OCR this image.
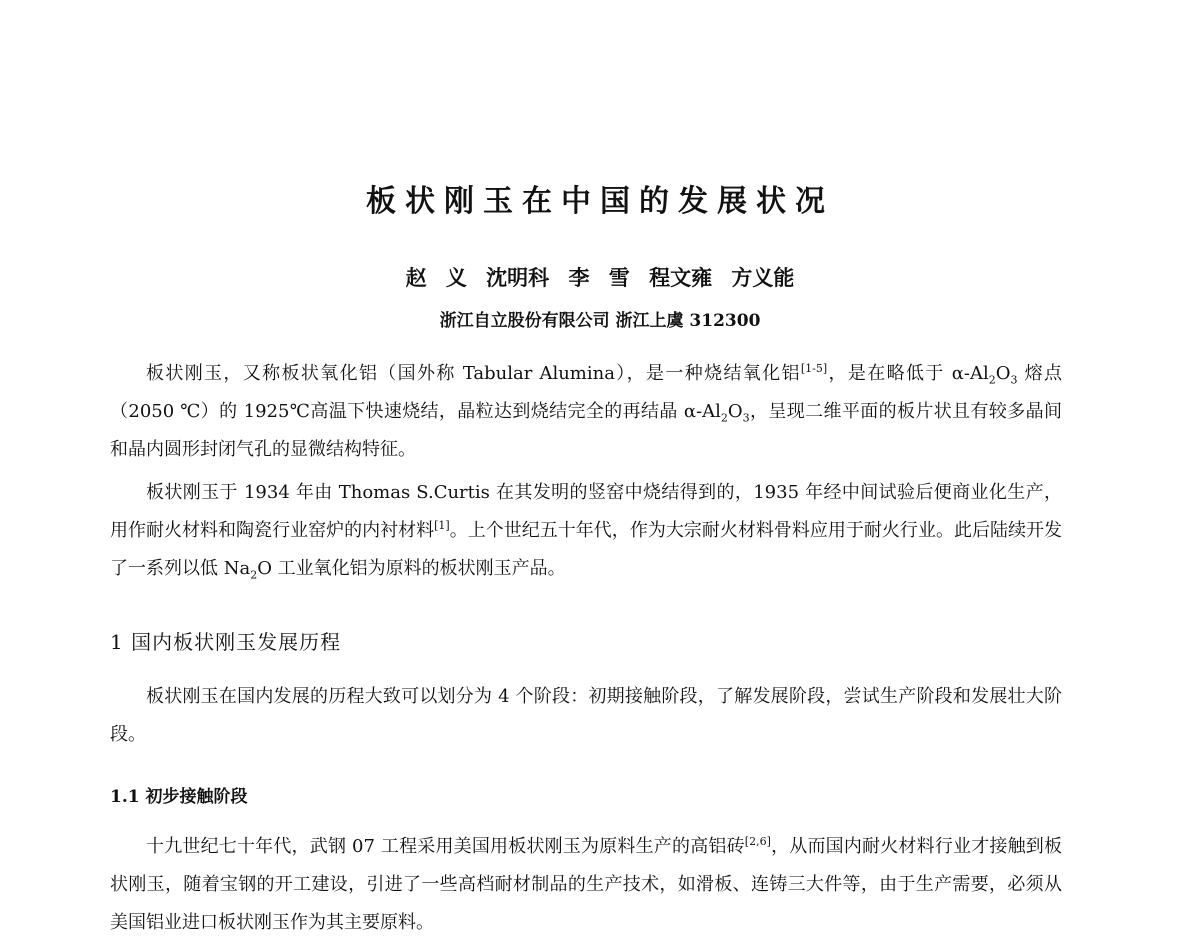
板状刚玉在中国的发展状况
赵 义 沈明科 李 雪 程文雍 方义能
浙江自立股份有限公司 浙江上虞 312300

板状刚玉，又称板状氧化铝（国外称 Tabular Alumina），是一种烧结氧化铝[1-5]，是在略低于 $\alpha-Al_2O_3$ 熔点（2050 ℃）的 1925℃高温下快速烧结，晶粒达到烧结完全的再结晶 $\alpha-Al_2O_3$，呈现二维平面的板片状且有较多晶间和晶内圆形封闭气孔的显微结构特征。

板状刚玉于 1934 年由 Thomas S.Curtis 在其发明的竖窑中烧结得到的，1935 年经中间试验后便商业化生产，用作耐火材料和陶瓷行业窑炉的内衬材料[1]。上个世纪五十年代，作为大宗耐火材料骨料应用于耐火行业。此后陆续开发了一系列以低 $Na_2O$ 工业氧化铝为原料的板状刚玉产品。

1 国内板状刚玉发展历程

板状刚玉在国内发展的历程大致可以划分为 4 个阶段：初期接触阶段，了解发展阶段，尝试生产阶段和发展壮大阶段。

1.1 初步接触阶段

十九世纪七十年代，武钢 07 工程采用美国用板状刚玉为原料生产的高铝砖[2,6]，从而国内耐火材料行业才接触到板状刚玉，随着宝钢的开工建设，引进了一些高档耐材制品的生产技术，如滑板、连铸三大件等，由于生产需要，必须从美国铝业进口板状刚玉作为其主要原料。
